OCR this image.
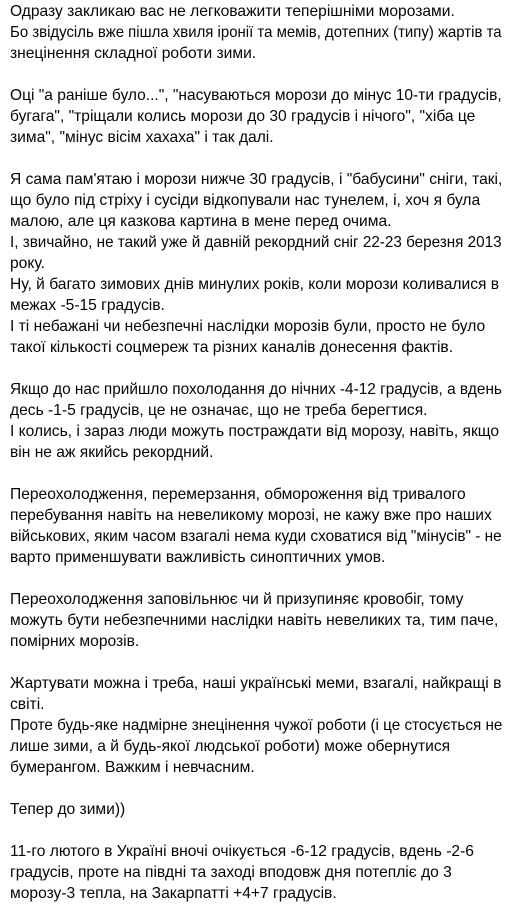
Одразу закликаю вас не легковажити теперішніми морозами.
Бо звідусіль вже пішла хвиля іронії та мемів, дотепних (типу) жартів та
знецінення складної роботи зими.
Оці "а раніше було...", "насуваються морози до мінус 10-ти градусів,
бугага", "тріщали колись морози до 30 градусів і нічого", "хіба це
зима", "мінус вісім хахаха" і так далі.
Я сама пам'ятаю і морози нижче 30 градусів, і "бабусини" сніги, такі,
що було під стріху і сусіди відкопували нас тунелем, і, хоч я була
малою, але ця казкова картина в мене перед очима.
І, звичайно, не такий уже й давній рекордний сніг 22-23 березня 2013
року.
Ну, й багато зимових днів минулих років, коли морози коливалися в
межах -5-15 градусів.
І ті небажані чи небезпечні наслідки морозів були, просто не було
такої кількості соцмереж та різних каналів донесення фактів.
Якщо до нас прийшло похолодання до нічних -4-12 градусів, а вдень
десь -1-5 градусів, це не означає, що не треба берегтися.
І колись, і зараз люди можуть постраждати від морозу, навіть, якщо
він не аж якийсь рекордний.
Переохолодження, перемерзання, обмороження від тривалого
перебування навіть на невеликому морозі, не кажу вже про наших
військових, яким часом взагалі нема куди сховатися від "мінусів" - не
варто применшувати важливість синоптичних умов.
Переохолодження заповільнює чи й призупиняє кровобіг, тому
можуть бути небезпечними наслідки навіть невеликих та, тим паче,
помірних морозів.
Жартувати можна і треба, наші українські меми, взагалі, найкращі в
світі.
Проте будь-яке надмірне знецінення чужої роботи (і це стосується не
лише зими, а й будь-якої людської роботи) може обернутися
бумерангом. Важким і невчасним.
Тепер до зими))
11-го лютого в Україні вночі очікується -6-12 градусів, вдень -2-6
градусів, проте на півдні та заході вподовж дня потепліє до 3
морозу-3 тепла, на Закарпатті +4+7 градусів.
